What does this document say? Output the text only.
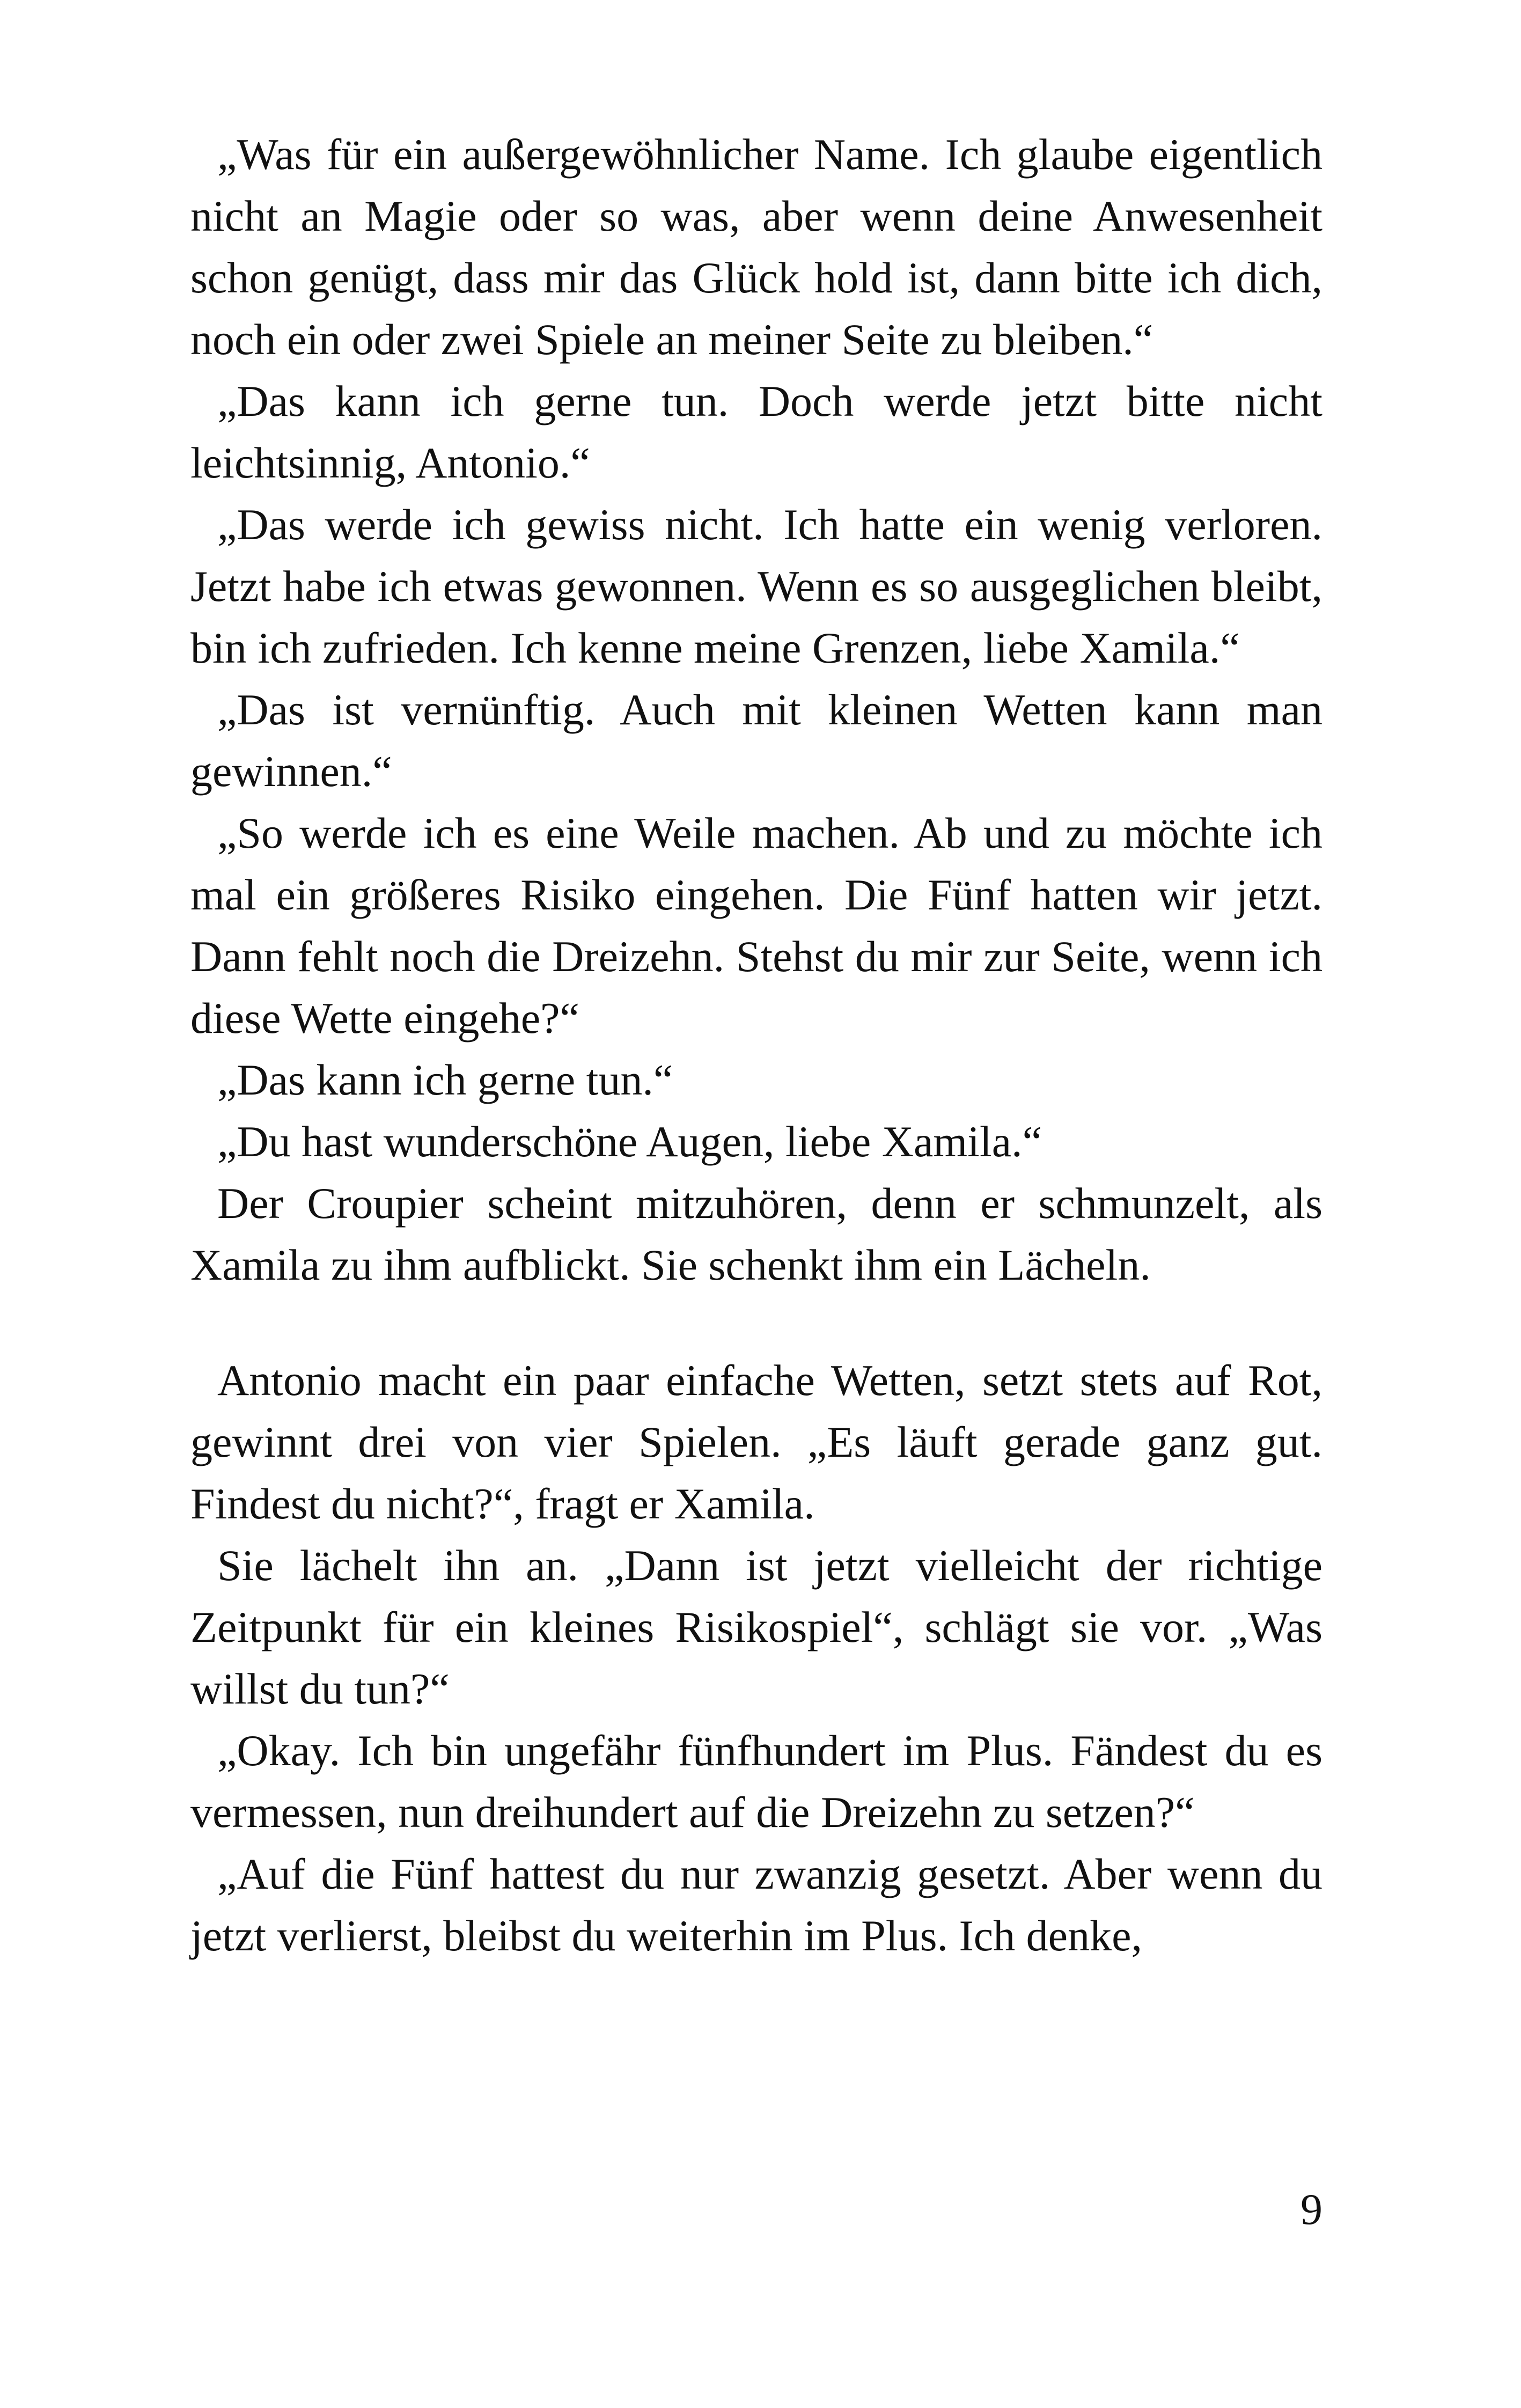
„Was für ein außergewöhnlicher Name. Ich glaube eigentlich nicht an Magie oder so was, aber wenn deine Anwesenheit schon genügt, dass mir das Glück hold ist, dann bitte ich dich, noch ein oder zwei Spiele an meiner Seite zu bleiben.“

„Das kann ich gerne tun. Doch werde jetzt bitte nicht leichtsinnig, Antonio.“

„Das werde ich gewiss nicht. Ich hatte ein wenig verloren. Jetzt habe ich etwas gewonnen. Wenn es so ausgeglichen bleibt, bin ich zufrieden. Ich kenne meine Grenzen, liebe Xamila.“

„Das ist vernünftig. Auch mit kleinen Wetten kann man gewinnen.“

„So werde ich es eine Weile machen. Ab und zu möchte ich mal ein größeres Risiko eingehen. Die Fünf hatten wir jetzt. Dann fehlt noch die Dreizehn. Stehst du mir zur Seite, wenn ich diese Wette eingehe?“

„Das kann ich gerne tun.“

„Du hast wunderschöne Augen, liebe Xamila.“

Der Croupier scheint mitzuhören, denn er schmunzelt, als Xamila zu ihm aufblickt. Sie schenkt ihm ein Lächeln.

Antonio macht ein paar einfache Wetten, setzt stets auf Rot, gewinnt drei von vier Spielen. „Es läuft gerade ganz gut. Findest du nicht?“, fragt er Xamila.

Sie lächelt ihn an. „Dann ist jetzt vielleicht der richtige Zeitpunkt für ein kleines Risikospiel“, schlägt sie vor. „Was willst du tun?“

„Okay. Ich bin ungefähr fünfhundert im Plus. Fändest du es vermessen, nun dreihundert auf die Dreizehn zu setzen?“

„Auf die Fünf hattest du nur zwanzig gesetzt. Aber wenn du jetzt verlierst, bleibst du weiterhin im Plus. Ich denke,

9
